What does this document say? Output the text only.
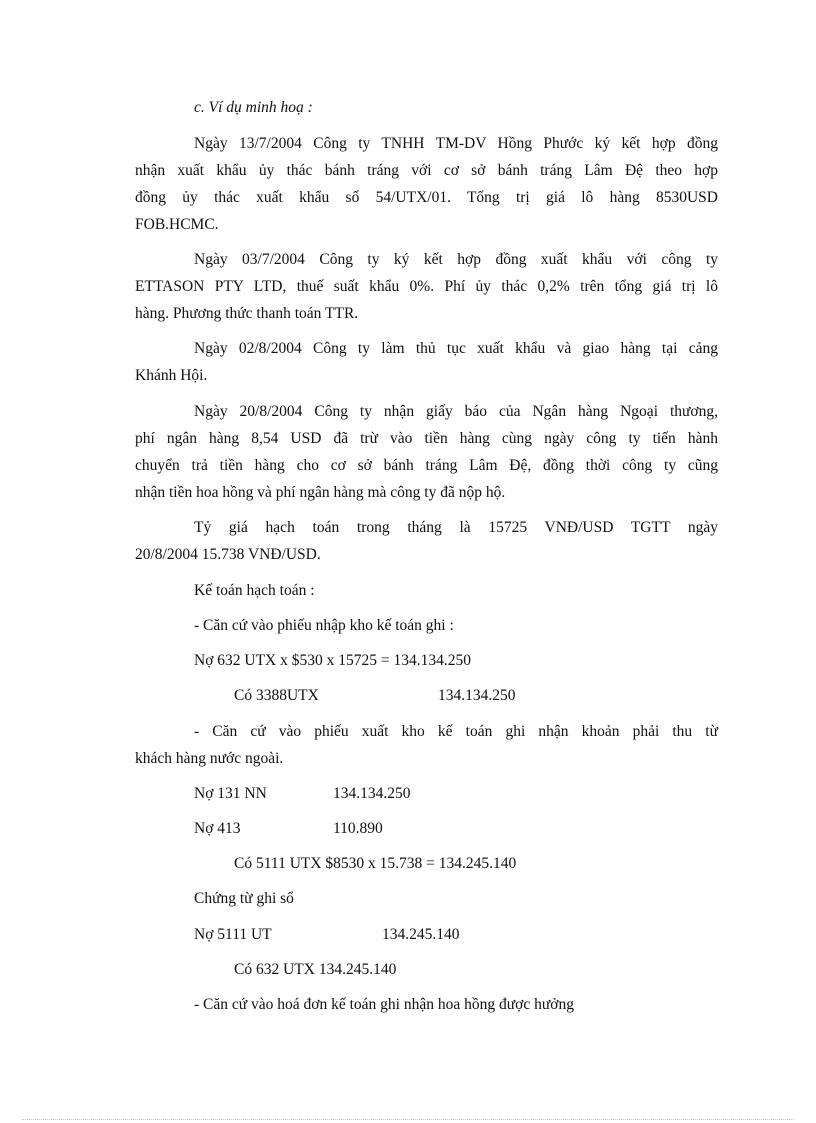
c. Ví dụ minh hoạ :
Ngày 13/7/2004 Công ty TNHH TM-DV Hồng Phước ký kết hợp đồng
nhận xuất khẩu ủy thác bánh tráng với cơ sở bánh tráng Lâm Đệ theo hợp
đồng ủy thác xuất khẩu số 54/UTX/01. Tổng trị giá lô hàng 8530USD
FOB.HCMC.
Ngày 03/7/2004 Công ty ký kết hợp đồng xuất khẩu với công ty
ETTASON PTY LTD, thuế suất khẩu 0%. Phí ủy thác 0,2% trên tổng giá trị lô
hàng. Phương thức thanh toán TTR.
Ngày 02/8/2004 Công ty làm thủ tục xuất khẩu và giao hàng tại cảng
Khánh Hội.
Ngày 20/8/2004 Công ty nhận giấy báo của Ngân hàng Ngoại thương,
phí ngân hàng 8,54 USD đã trừ vào tiền hàng cùng ngày công ty tiến hành
chuyển trả tiền hàng cho cơ sở bánh tráng Lâm Đệ, đồng thời công ty cũng
nhận tiền hoa hồng và phí ngân hàng mà công ty đã nộp hộ.
Tỷ giá hạch toán trong tháng là 15725 VNĐ/USD TGTT ngày
20/8/2004 15.738 VNĐ/USD.
Kế toán hạch toán :
- Căn cứ vào phiếu nhập kho kế toán ghi :
Nợ 632 UTX x $530 x 15725 = 134.134.250
Có 3388UTX	134.134.250
- Căn cứ vào phiếu xuất kho kế toán ghi nhận khoản phải thu từ
khách hàng nước ngoài.
Nợ 131 NN	134.134.250
Nợ 413	110.890
Có 5111 UTX $8530 x 15.738 = 134.245.140
Chứng từ ghi sổ
Nợ 5111 UT	134.245.140
Có 632 UTX 134.245.140
- Căn cứ vào hoá đơn kế toán ghi nhận hoa hồng được hưởng
